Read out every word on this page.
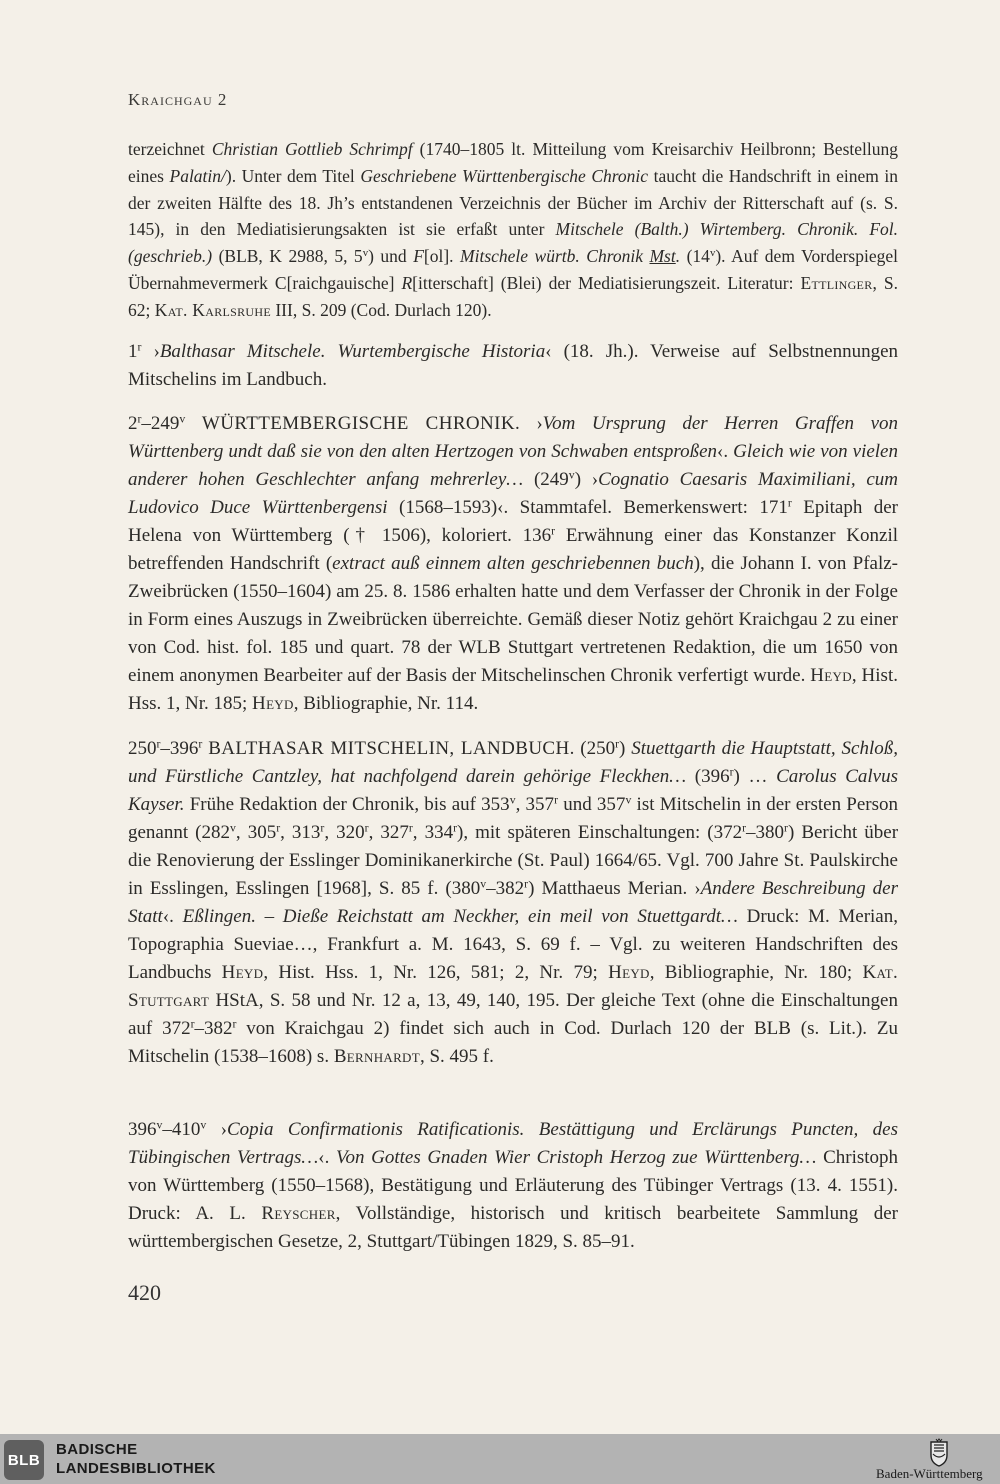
Kraichgau 2
terzeichnet Christian Gottlieb Schrimpf (1740–1805 lt. Mitteilung vom Kreisarchiv Heilbronn; Bestellung eines Palatin/). Unter dem Titel Geschriebene Württenbergische Chronic taucht die Handschrift in einem in der zweiten Hälfte des 18. Jh’s entstandenen Verzeichnis der Bücher im Archiv der Ritterschaft auf (s. S. 145), in den Mediatisierungsakten ist sie erfaßt unter Mitschele (Balth.) Wirtemberg. Chronik. Fol. (geschrieb.) (BLB, K 2988, 5, 5$^v$) und F[ol]. Mitschele würtb. Chronik Mst. (14$^v$). Auf dem Vorderspiegel Übernahmevermerk C[raichgauische] R[itterschaft] (Blei) der Mediatisierungszeit. Literatur: Ettlinger, S. 62; Kat. Karlsruhe III, S. 209 (Cod. Durlach 120).
1$^r$ ›Balthasar Mitschele. Wurtembergische Historia‹ (18. Jh.). Verweise auf Selbstnennungen Mitschelins im Landbuch.
2$^r$–249$^v$ WÜRTTEMBERGISCHE CHRONIK. ›Vom Ursprung der Herren Graffen von Württenberg undt daß sie von den alten Hertzogen von Schwaben entsproßen‹. Gleich wie von vielen anderer hohen Geschlechter anfang mehrerley… (249$^v$) ›Cognatio Caesaris Maximiliani, cum Ludovico Duce Württenbergensi (1568–1593)‹. Stammtafel. Bemerkenswert: 171$^r$ Epitaph der Helena von Württemberg († 1506), koloriert. 136$^r$ Erwähnung einer das Konstanzer Konzil betreffenden Handschrift (extract auß einnem alten geschriebennen buch), die Johann I. von Pfalz-Zweibrücken (1550–1604) am 25. 8. 1586 erhalten hatte und dem Verfasser der Chronik in der Folge in Form eines Auszugs in Zweibrücken überreichte. Gemäß dieser Notiz gehört Kraichgau 2 zu einer von Cod. hist. fol. 185 und quart. 78 der WLB Stuttgart vertretenen Redaktion, die um 1650 von einem anonymen Bearbeiter auf der Basis der Mitschelinschen Chronik verfertigt wurde. Heyd, Hist. Hss. 1, Nr. 185; Heyd, Bibliographie, Nr. 114.
250$^r$–396$^r$ BALTHASAR MITSCHELIN, LANDBUCH. (250$^r$) Stuettgarth die Hauptstatt, Schloß, und Fürstliche Cantzley, hat nachfolgend darein gehörige Fleckhen… (396$^r$) … Carolus Calvus Kayser. Frühe Redaktion der Chronik, bis auf 353$^v$, 357$^r$ und 357$^v$ ist Mitschelin in der ersten Person genannt (282$^v$, 305$^r$, 313$^r$, 320$^r$, 327$^r$, 334$^r$), mit späteren Einschaltungen: (372$^r$–380$^r$) Bericht über die Renovierung der Esslinger Dominikanerkirche (St. Paul) 1664/65. Vgl. 700 Jahre St. Paulskirche in Esslingen, Esslingen [1968], S. 85 f. (380$^v$–382$^r$) Matthaeus Merian. ›Andere Beschreibung der Statt‹. Eßlingen. – Dieße Reichstatt am Neckher, ein meil von Stuettgardt… Druck: M. Merian, Topographia Sueviae…, Frankfurt a. M. 1643, S. 69 f. – Vgl. zu weiteren Handschriften des Landbuchs Heyd, Hist. Hss. 1, Nr. 126, 581; 2, Nr. 79; Heyd, Bibliographie, Nr. 180; Kat. Stuttgart HStA, S. 58 und Nr. 12 a, 13, 49, 140, 195. Der gleiche Text (ohne die Einschaltungen auf 372$^r$–382$^r$ von Kraichgau 2) findet sich auch in Cod. Durlach 120 der BLB (s. Lit.). Zu Mitschelin (1538–1608) s. Bernhardt, S. 495 f.
396$^v$–410$^v$ ›Copia Confirmationis Ratificationis. Bestättigung und Erclärungs Puncten, des Tübingischen Vertrags…‹. Von Gottes Gnaden Wier Cristoph Herzog zue Württenberg… Christoph von Württemberg (1550–1568), Bestätigung und Erläuterung des Tübinger Vertrags (13. 4. 1551). Druck: A. L. Reyscher, Vollständige, historisch und kritisch bearbeitete Sammlung der württembergischen Gesetze, 2, Stuttgart/Tübingen 1829, S. 85–91.
420
BLB
BADISCHE
LANDESBIBLIOTHEK	Baden-Württemberg
